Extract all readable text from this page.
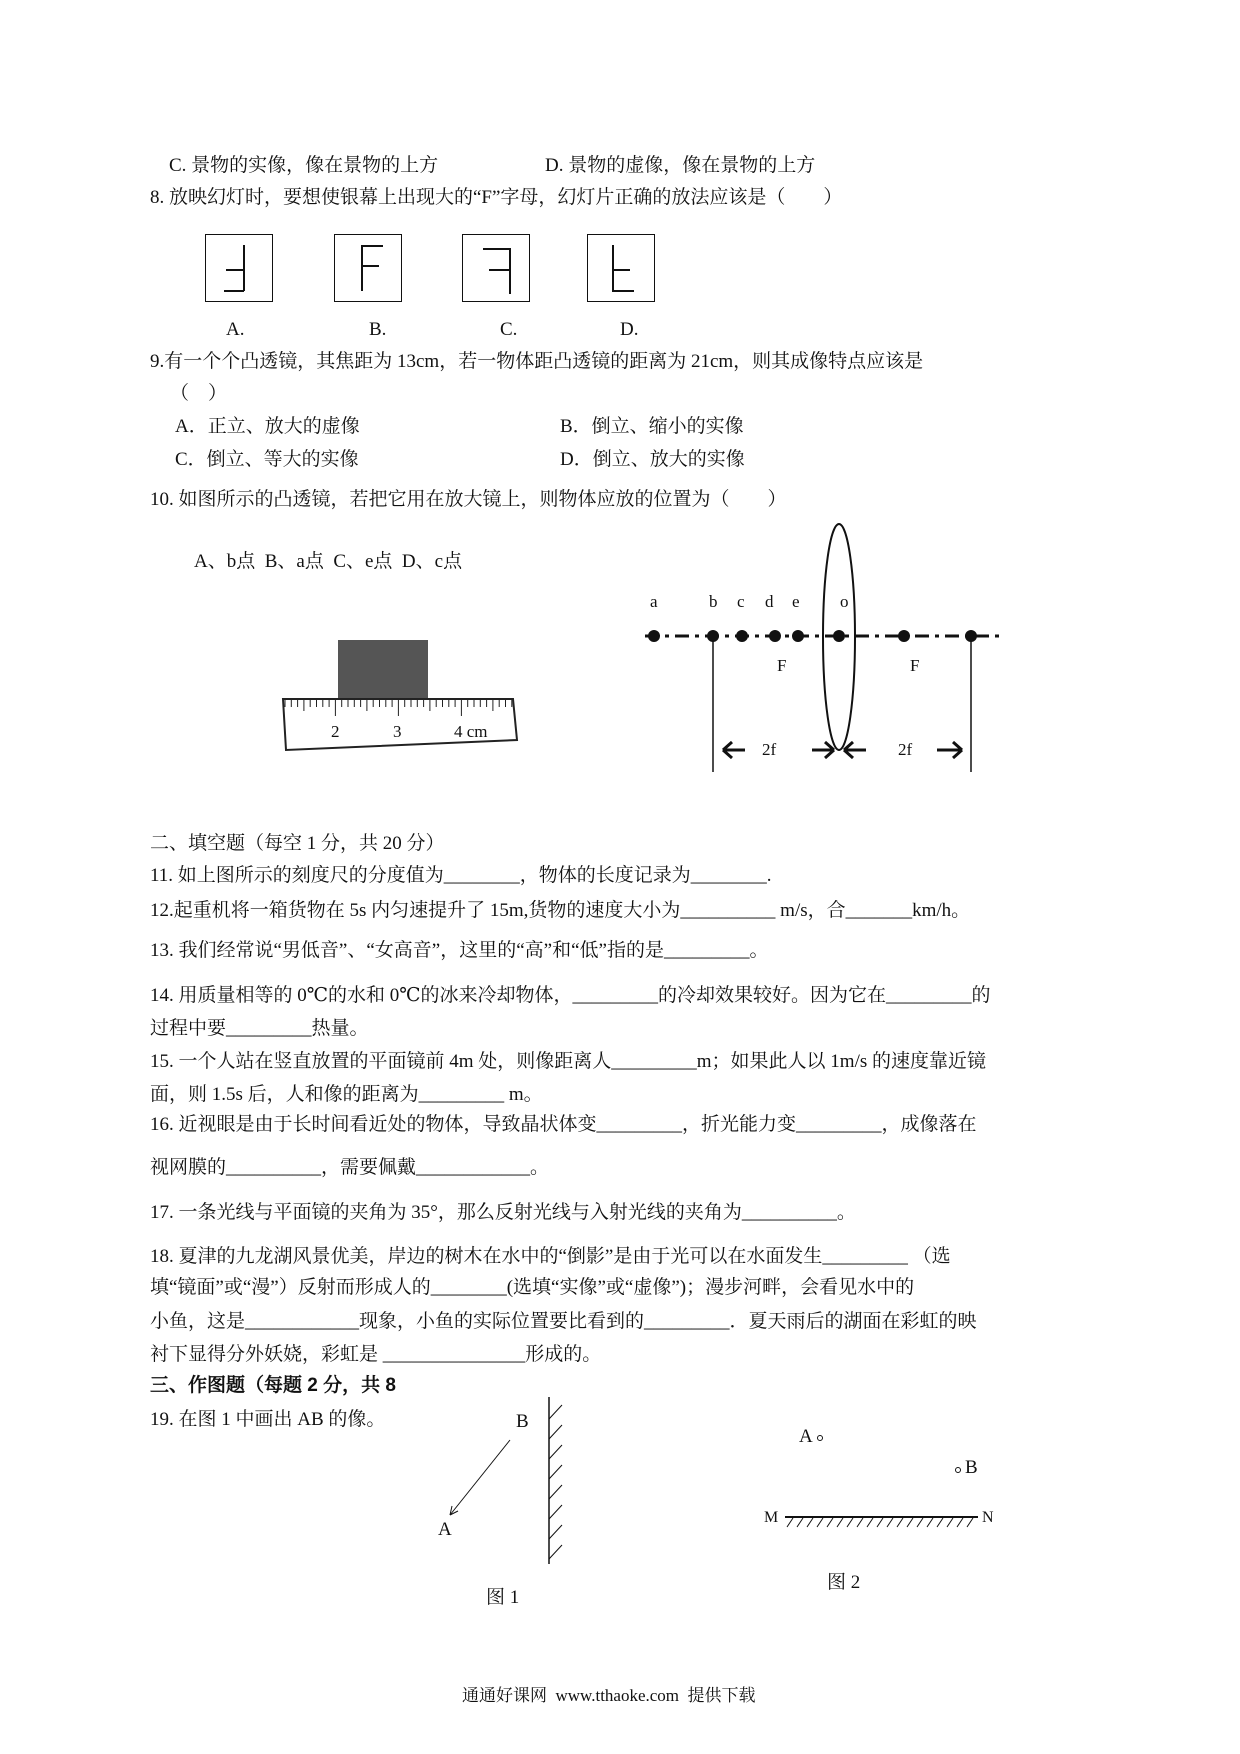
C. 景物的实像，像在景物的上方	D. 景物的虚像，像在景物的上方
8. 放映幻灯时，要想使银幕上出现大的“F”字母，幻灯片正确的放法应该是（　　）
A.	B.	C.	D.
9.有一个个凸透镜，其焦距为 13cm，若一物体距凸透镜的距离为 21cm，则其成像特点应该是
（　）
A．正立、放大的虚像	B．倒立、缩小的实像
C．倒立、等大的实像	D．倒立、放大的实像
10. 如图所示的凸透镜，若把它用在放大镜上，则物体应放的位置为（　　）
A、b点  B、a点  C、e点  D、c点
2	3	4 cm
a	b c d e o
F	F
2f	2f
二、填空题（每空 1 分，共 20 分）
11. 如上图所示的刻度尺的分度值为________，物体的长度记录为________.
12.起重机将一箱货物在 5s 内匀速提升了 15m,货物的速度大小为__________ m/s，合_______km/h。
13. 我们经常说“男低音”、“女高音”，这里的“高”和“低”指的是_________。
14. 用质量相等的 0℃的水和 0℃的冰来冷却物体，_________的冷却效果较好。因为它在_________的
过程中要_________热量。
15. 一个人站在竖直放置的平面镜前 4m 处，则像距离人_________m；如果此人以 1m/s 的速度靠近镜
面，则 1.5s 后，人和像的距离为_________ m。
16. 近视眼是由于长时间看近处的物体，导致晶状体变_________，折光能力变_________，成像落在
视网膜的__________，需要佩戴____________。
17. 一条光线与平面镜的夹角为 35°，那么反射光线与入射光线的夹角为__________。
18. 夏津的九龙湖风景优美，岸边的树木在水中的“倒影”是由于光可以在水面发生_________ （选
填“镜面”或“漫”）反射而形成人的________(选填“实像”或“虚像”)；漫步河畔，会看见水中的
小鱼，这是____________现象，小鱼的实际位置要比看到的_________．夏天雨后的湖面在彩虹的映
衬下显得分外妖娆，彩虹是 _______________形成的。
三、作图题（每题 2 分，共 8
19. 在图 1 中画出 AB 的像。	B
A
图 1
A
B
M	N
图 2
通通好课网  www.tthaoke.com  提供下载
